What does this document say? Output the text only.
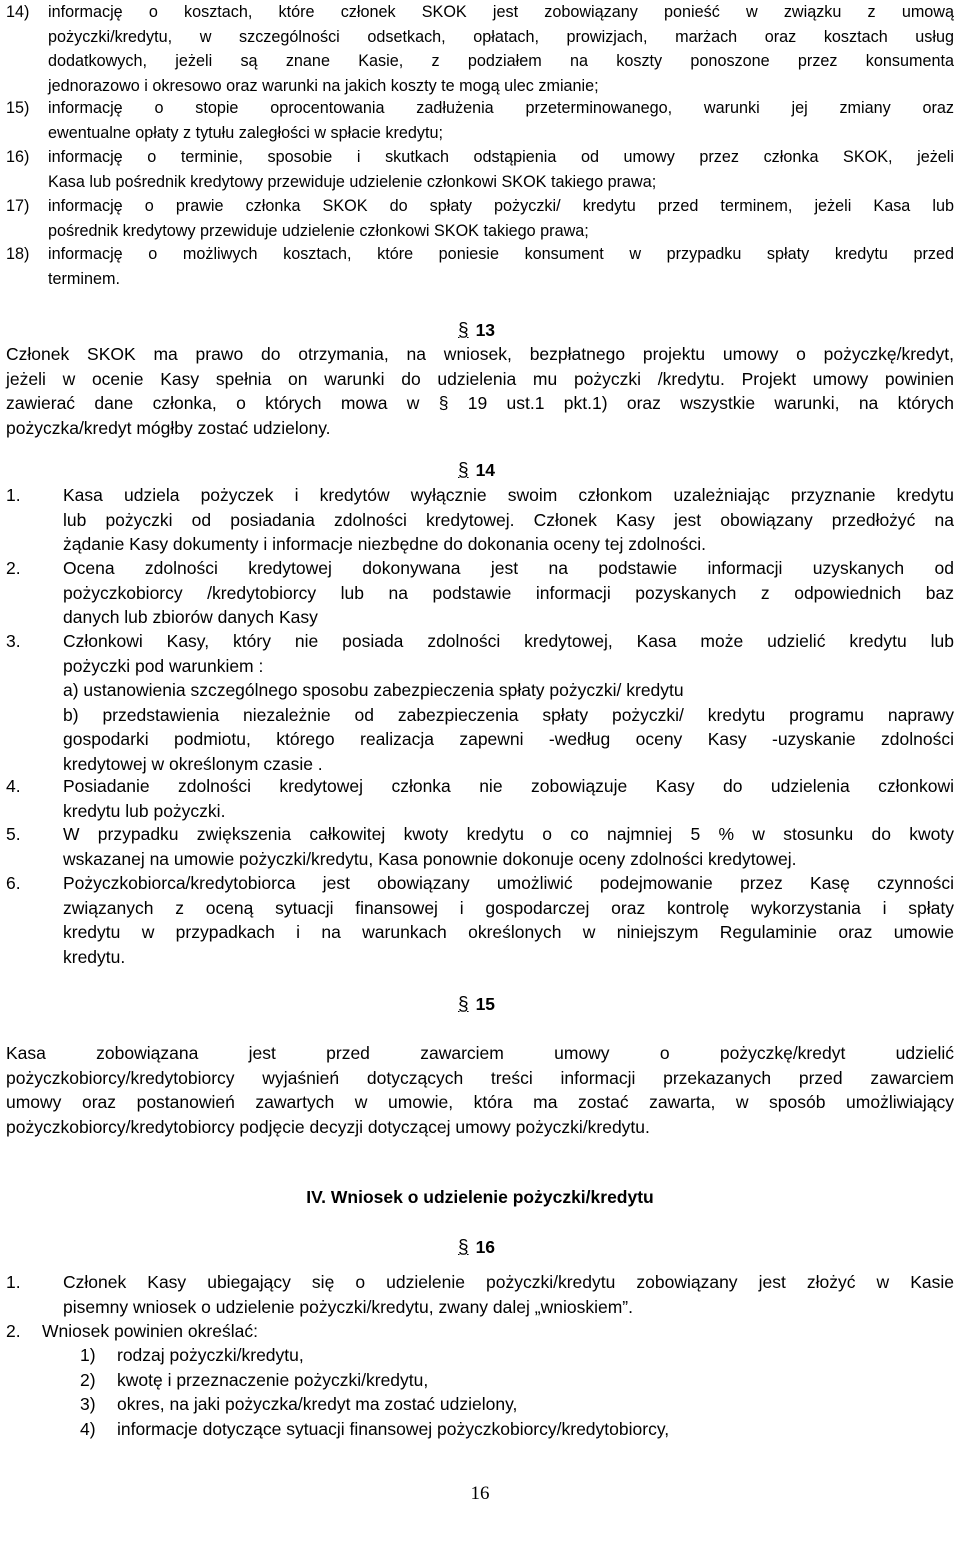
14) informację o kosztach, które członek SKOK jest zobowiązany ponieść w związku z umową
pożyczki/kredytu, w szczególności odsetkach, opłatach, prowizjach, marżach oraz kosztach usług
dodatkowych, jeżeli są znane Kasie, z podziałem na koszty ponoszone przez konsumenta
jednorazowo i okresowo oraz warunki na jakich koszty te mogą ulec zmianie;
15) informację o stopie oprocentowania zadłużenia przeterminowanego, warunki jej zmiany oraz
ewentualne opłaty z tytułu zaległości w spłacie kredytu;
16) informację o terminie, sposobie i skutkach odstąpienia od umowy przez członka SKOK, jeżeli
Kasa lub pośrednik kredytowy przewiduje udzielenie członkowi SKOK takiego prawa;
17) informację o prawie członka SKOK do spłaty pożyczki/ kredytu przed terminem, jeżeli Kasa lub
pośrednik kredytowy przewiduje udzielenie członkowi SKOK takiego prawa;
18) informację o możliwych kosztach, które poniesie konsument w przypadku spłaty kredytu przed
terminem.
§ 13
Członek SKOK ma prawo do otrzymania, na wniosek, bezpłatnego projektu umowy o pożyczkę/kredyt,
jeżeli w ocenie Kasy spełnia on warunki do udzielenia mu pożyczki /kredytu. Projekt umowy powinien
zawierać dane członka, o których mowa w § 19 ust.1 pkt.1) oraz wszystkie warunki, na których
pożyczka/kredyt mógłby zostać udzielony.
§ 14
1. Kasa udziela pożyczek i kredytów wyłącznie swoim członkom uzależniając przyznanie kredytu
lub pożyczki od posiadania zdolności kredytowej. Członek Kasy jest obowiązany przedłożyć na
żądanie Kasy dokumenty i informacje niezbędne do dokonania oceny tej zdolności.
2. Ocena zdolności kredytowej dokonywana jest na podstawie informacji uzyskanych od
pożyczkobiorcy /kredytobiorcy lub na podstawie informacji pozyskanych z odpowiednich baz
danych lub zbiorów danych Kasy
3. Członkowi Kasy, który nie posiada zdolności kredytowej, Kasa może udzielić kredytu lub
pożyczki pod warunkiem :
a) ustanowienia szczególnego sposobu zabezpieczenia spłaty pożyczki/ kredytu
b) przedstawienia niezależnie od zabezpieczenia spłaty pożyczki/ kredytu programu naprawy
gospodarki podmiotu, którego realizacja zapewni -według oceny Kasy -uzyskanie zdolności
kredytowej w określonym czasie .
4. Posiadanie zdolności kredytowej członka nie zobowiązuje Kasy do udzielenia członkowi
kredytu lub pożyczki.
5. W przypadku zwiększenia całkowitej kwoty kredytu o co najmniej 5 % w stosunku do kwoty
wskazanej na umowie pożyczki/kredytu, Kasa ponownie dokonuje oceny zdolności kredytowej.
6. Pożyczkobiorca/kredytobiorca jest obowiązany umożliwić podejmowanie przez Kasę czynności
związanych z oceną sytuacji finansowej i gospodarczej oraz kontrolę wykorzystania i spłaty
kredytu w przypadkach i na warunkach określonych w niniejszym Regulaminie oraz umowie
kredytu.
§ 15
Kasa zobowiązana jest przed zawarciem umowy o pożyczkę/kredyt udzielić
pożyczkobiorcy/kredytobiorcy wyjaśnień dotyczących treści informacji przekazanych przed zawarciem
umowy oraz postanowień zawartych w umowie, która ma zostać zawarta, w sposób umożliwiający
pożyczkobiorcy/kredytobiorcy podjęcie decyzji dotyczącej umowy pożyczki/kredytu.
IV. Wniosek o udzielenie pożyczki/kredytu
§ 16
1. Członek Kasy ubiegający się o udzielenie pożyczki/kredytu zobowiązany jest złożyć w Kasie
pisemny wniosek o udzielenie pożyczki/kredytu, zwany dalej „wnioskiem”.
2. Wniosek powinien określać:
1) rodzaj pożyczki/kredytu,
2) kwotę i przeznaczenie pożyczki/kredytu,
3) okres, na jaki pożyczka/kredyt ma zostać udzielony,
4) informacje dotyczące sytuacji finansowej pożyczkobiorcy/kredytobiorcy,
16
